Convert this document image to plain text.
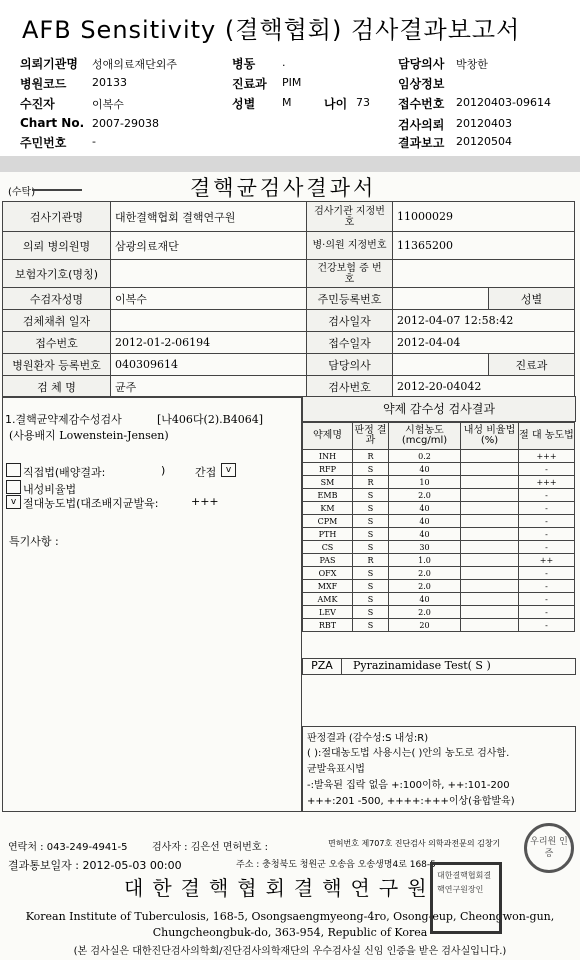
AFB Sensitivity (결핵협회) 검사결과보고서
의뢰기관명 성애의료재단외주	병동 .	담당의사 박창한
병원코드 20133	진료과 PIM	임상정보
수진자	이복수	성별 M	나이 73 접수번호 20120403-09614
Chart No. 2007-29038	검사의뢰 20120403
주민번호 -	결과보고 20120504
결핵균검사결과서
(수탁)
검사기관명	대한결핵협회 결핵연구원	검사기관 지정번호	11000029
의뢰 병의원명	삼광의료재단	병·의원 지정번호	11365200
보험자기호(명칭)		건강보험 증 번 호	
수검자성명	이복수	주민등록번호		성별
검체채취 일자		검사일자	2012-04-07 12:58:42	
접수번호	2012-01-2-06194	접수일자	2012-04-04	
병원환자 등록번호	040309614	담당의사		진료과
검 체 명	균주	검사번호	2012-20-04042	
1.결핵균약제감수성검사	[나406다(2).B4064]
(사용배지 Lowenstein-Jensen)
직접법(배양결과:	)	간접	v
내성비율법
v 절대농도법(대조배지균발육:	+++
특기사항 :
약제 감수성 검사결과
약제명	판정 결과	시험농도 (mcg/ml)	내성 비율법(%)	절 대 농도법
INH	R	0.2		+++
RFP	S	40		-
SM	R	10		+++
EMB	S	2.0		-
KM	S	40		-
CPM	S	40		-
PTH	S	40		-
CS	S	30		-
PAS	R	1.0		++
OFX	S	2.0		-
MXF	S	2.0		-
AMK	S	40		-
LEV	S	2.0		-
RBT	S	20		-
PZA	Pyrazinamidase Test( S )
판정결과 (감수성:S 내성:R)
( ):절대농도법 사용시는( )안의 농도로 검사함.
균발육표시법
-:발육된 집락 없음 +:100이하, ++:101-200
+++:201 -500, ++++:+++이상(융합발육)
연락처 : 043-249-4941-5 검사자 : 김은선 면허번호 :	면허번호 제707호 진단검사 의학과전문의 김창기
결과통보일자 : 2012-05-03 00:00	주소 : 충청북도 청원군 오송읍 오송생명4로 168-5
대한결핵협회결핵연구원
Korean Institute of Tuberculosis, 168-5, Osongsaengmyeong-4ro, Osong-eup, Cheongwon-gun,
Chungcheongbuk-do, 363-954, Republic of Korea
(본 검사실은 대한진단검사의학회/진단검사의학재단의 우수검사실 신임 인증을 받은 검사실입니다.)
우리원 인증
대한결핵협회결핵연구원장인
